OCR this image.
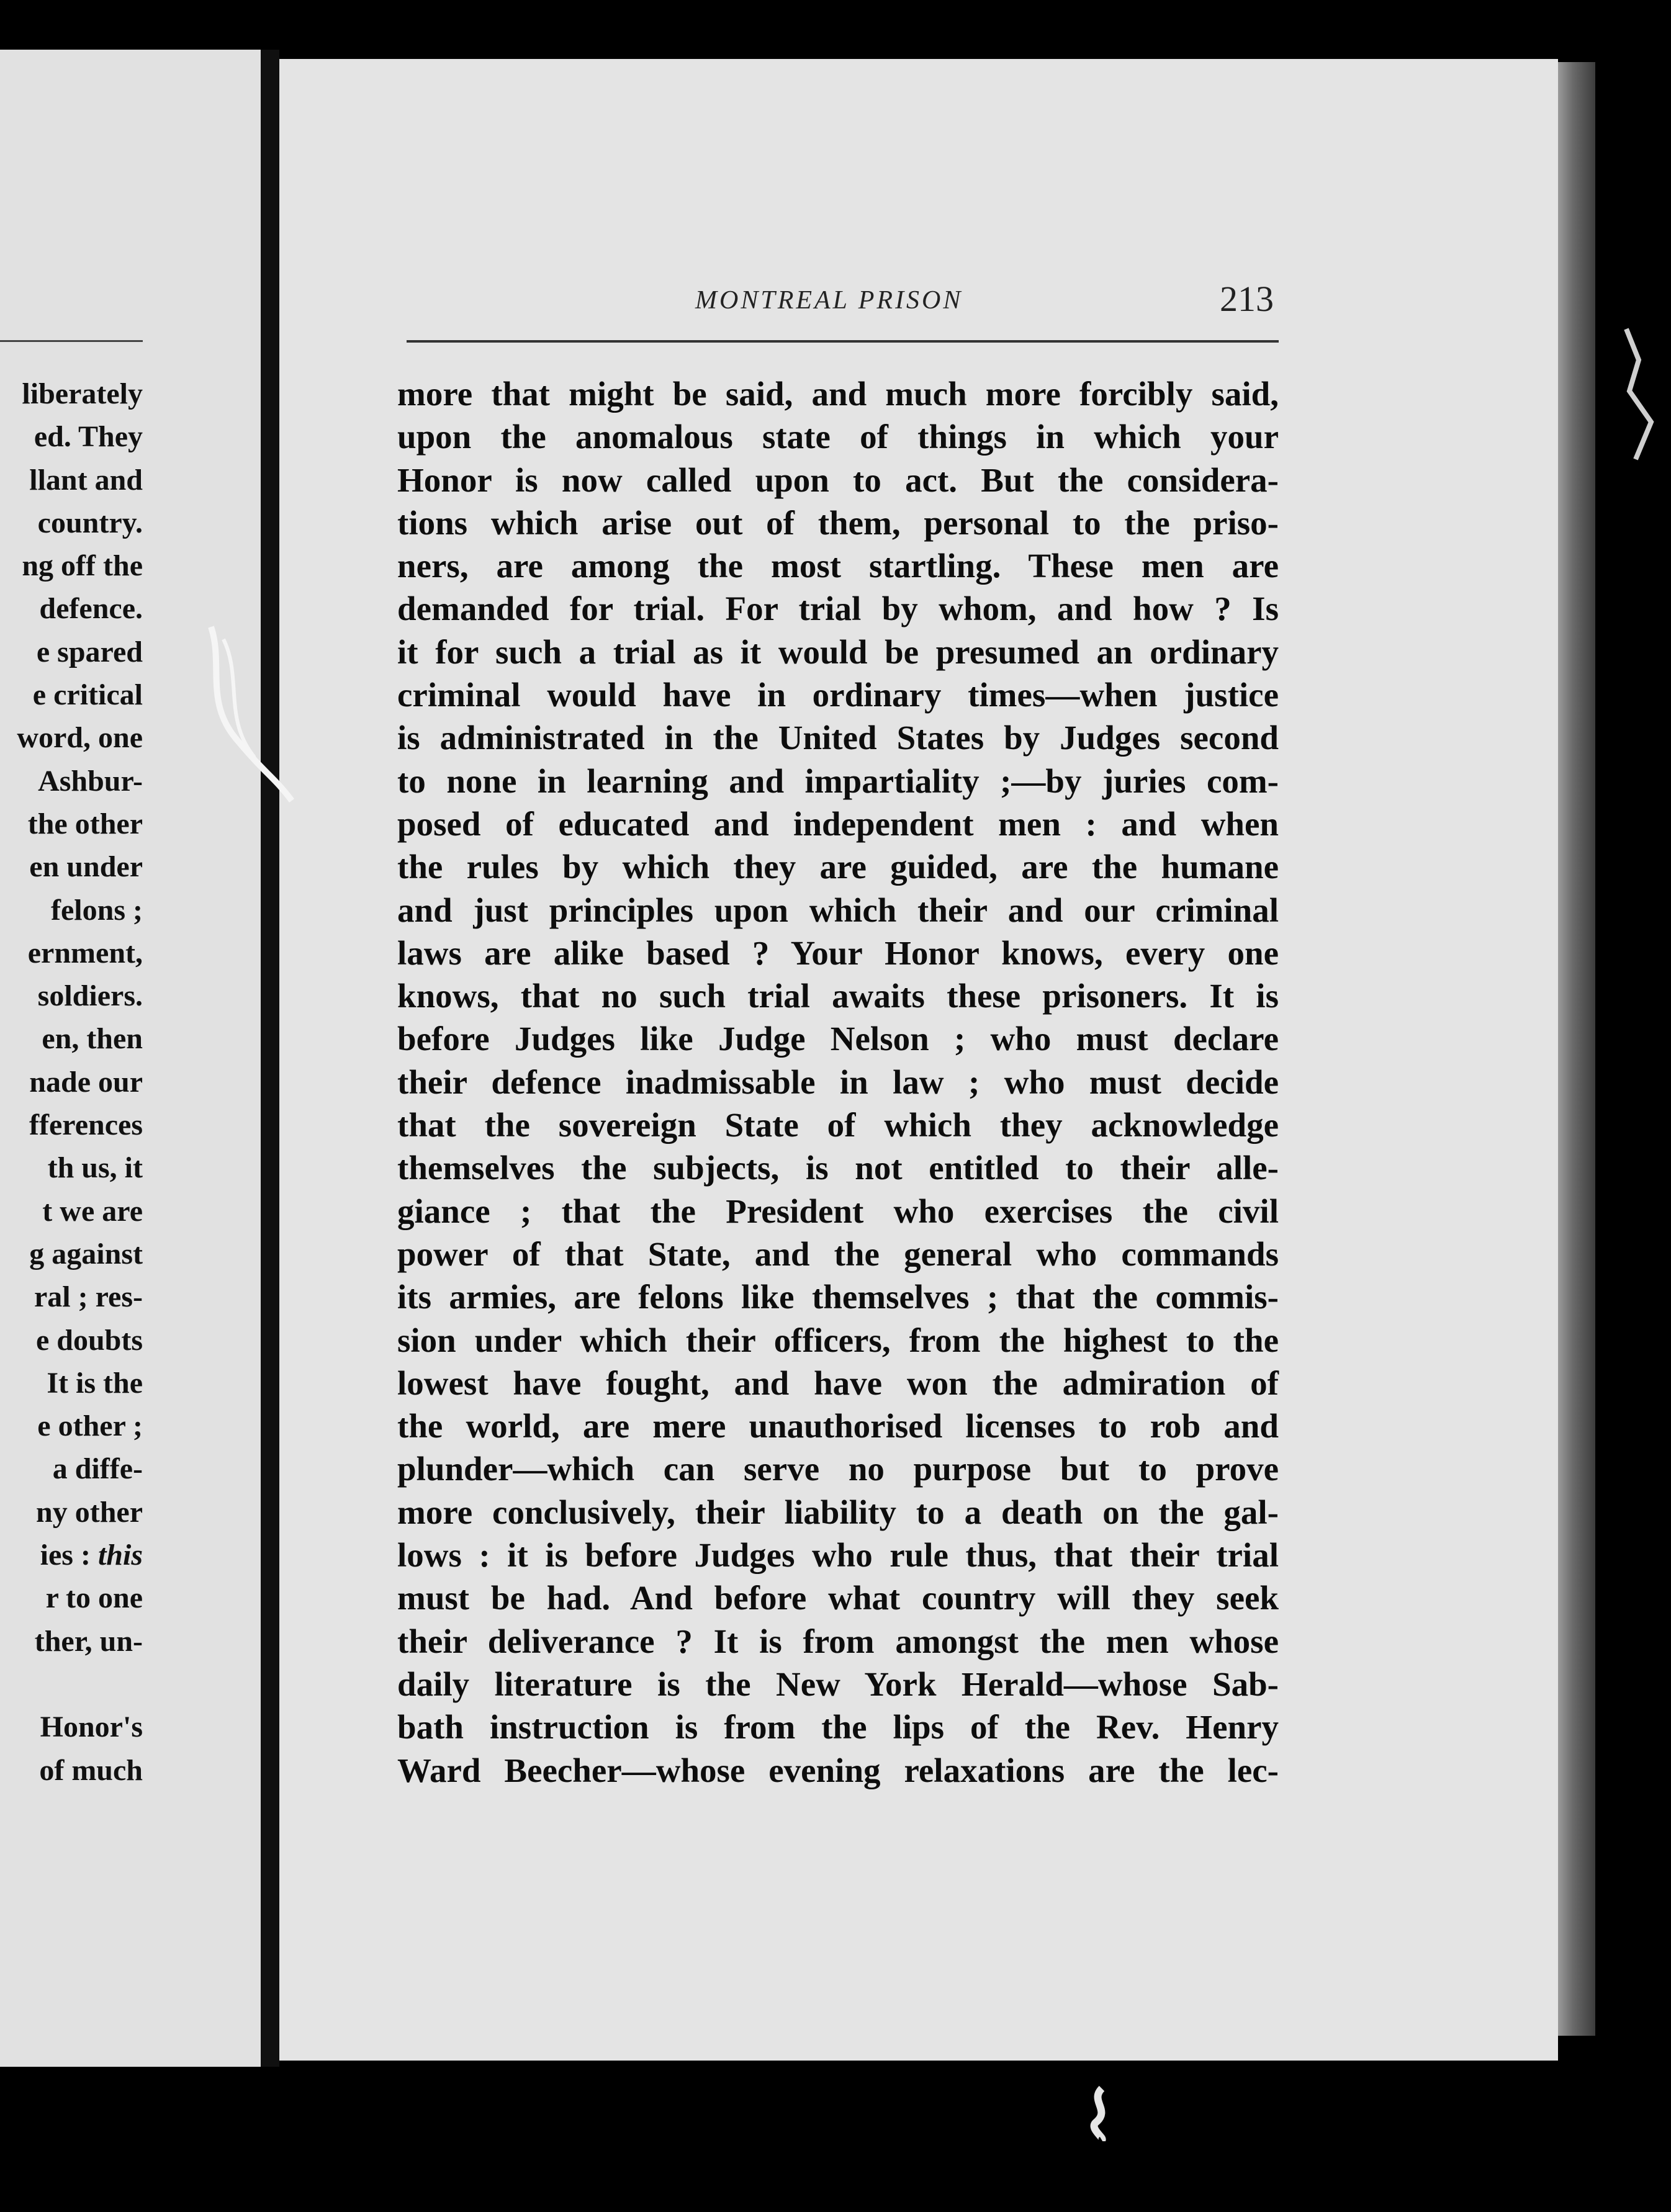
liberately
ed. They
llant and
country.
ng off the
defence.
e spared
e critical
word, one
Ashbur-
the other
en under
felons ;
ernment,
soldiers.
en, then
nade our
fferences
th us, it
t we are
g against
ral ; res-
e doubts
It is the
e other ;
a diffe-
ny other
ies : this
r to one
ther, un-
Honor's
of much
MONTREAL PRISON	213
more that might be said, and much more forcibly said,
upon the anomalous state of things in which your
Honor is now called upon to act. But the considera-
tions which arise out of them, personal to the priso-
ners, are among the most startling. These men are
demanded for trial. For trial by whom, and how ? Is
it for such a trial as it would be presumed an ordinary
criminal would have in ordinary times—when justice
is administrated in the United States by Judges second
to none in learning and impartiality ;—by juries com-
posed of educated and independent men : and when
the rules by which they are guided, are the humane
and just principles upon which their and our criminal
laws are alike based ? Your Honor knows, every one
knows, that no such trial awaits these prisoners. It is
before Judges like Judge Nelson ; who must declare
their defence inadmissable in law ; who must decide
that the sovereign State of which they acknowledge
themselves the subjects, is not entitled to their alle-
giance ; that the President who exercises the civil
power of that State, and the general who commands
its armies, are felons like themselves ; that the commis-
sion under which their officers, from the highest to the
lowest have fought, and have won the admiration of
the world, are mere unauthorised licenses to rob and
plunder—which can serve no purpose but to prove
more conclusively, their liability to a death on the gal-
lows : it is before Judges who rule thus, that their trial
must be had. And before what country will they seek
their deliverance ? It is from amongst the men whose
daily literature is the New York Herald—whose Sab-
bath instruction is from the lips of the Rev. Henry
Ward Beecher—whose evening relaxations are the lec-
